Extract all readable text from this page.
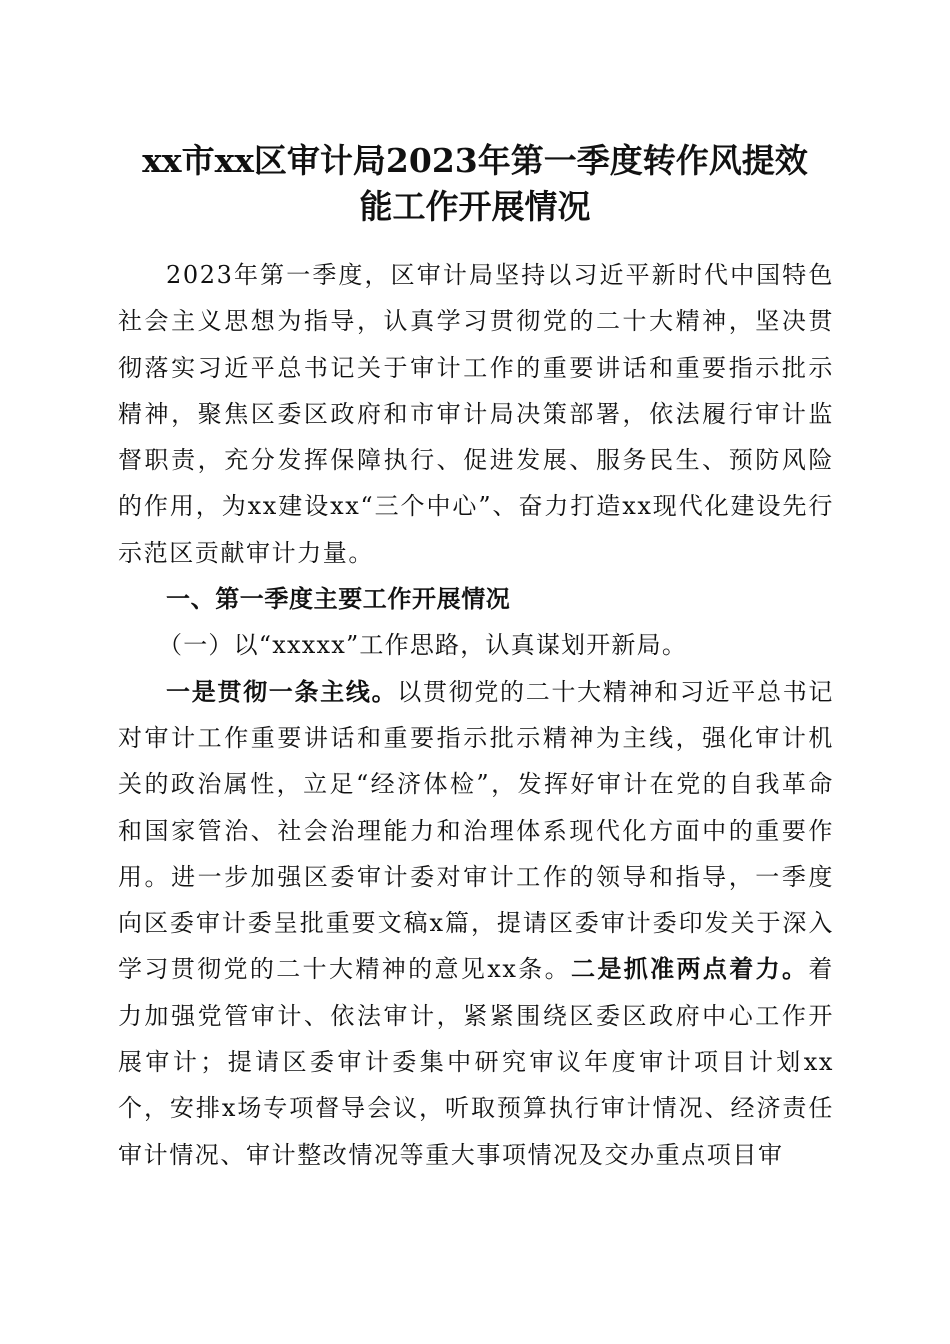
xx市xx区审计局2023年第一季度转作风提效
能工作开展情况

2023年第一季度，区审计局坚持以习近平新时代中国特色社会主义思想为指导，认真学习贯彻党的二十大精神，坚决贯彻落实习近平总书记关于审计工作的重要讲话和重要指示批示精神，聚焦区委区政府和市审计局决策部署，依法履行审计监督职责，充分发挥保障执行、促进发展、服务民生、预防风险的作用，为xx建设xx“三个中心”、奋力打造xx现代化建设先行示范区贡献审计力量。

一、第一季度主要工作开展情况

（一）以“xxxxx”工作思路，认真谋划开新局。

一是贯彻一条主线。以贯彻党的二十大精神和习近平总书记对审计工作重要讲话和重要指示批示精神为主线，强化审计机关的政治属性，立足“经济体检”，发挥好审计在党的自我革命和国家管治、社会治理能力和治理体系现代化方面中的重要作用。进一步加强区委审计委对审计工作的领导和指导，一季度向区委审计委呈批重要文稿x篇，提请区委审计委印发关于深入学习贯彻党的二十大精神的意见xx条。二是抓准两点着力。着力加强党管审计、依法审计，紧紧围绕区委区政府中心工作开展审计；提请区委审计委集中研究审议年度审计项目计划xx个，安排x场专项督导会议，听取预算执行审计情况、经济责任审计情况、审计整改情况等重大事项情况及交办重点项目审
